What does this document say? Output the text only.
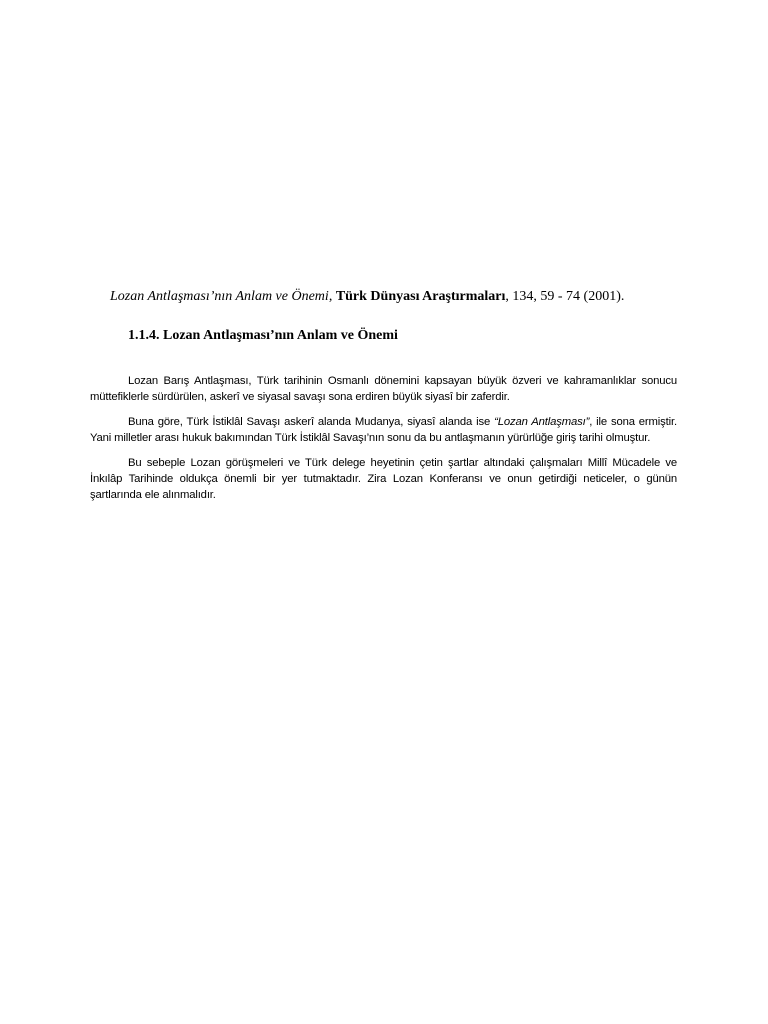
Lozan Antlaşması’nın Anlam ve Önemi, Türk Dünyası Araştırmaları, 134, 59 - 74 (2001).
1.1.4. Lozan Antlaşması’nın Anlam ve Önemi

Lozan Barış Antlaşması, Türk tarihinin Osmanlı dönemini kapsayan büyük özveri ve kahramanlıklar sonucu müttefiklerle sürdürülen, askerî ve siyasal savaşı sona erdiren büyük siyasî bir zaferdir.

Buna göre, Türk İstiklâl Savaşı askerî alanda Mudanya, siyasî alanda ise “Lozan Antlaşması”, ile sona ermiştir. Yani milletler arası hukuk bakımından Türk İstiklâl Savaşı’nın sonu da bu antlaşmanın yürürlüğe giriş tarihi olmuştur.

Bu sebeple Lozan görüşmeleri ve Türk delege heyetinin çetin şartlar altındaki çalışmaları Millî Mücadele ve İnkılâp Tarihinde oldukça önemli bir yer tutmaktadır. Zira Lozan Konferansı ve onun getirdiği neticeler, o günün şartlarında ele alınmalıdır.
